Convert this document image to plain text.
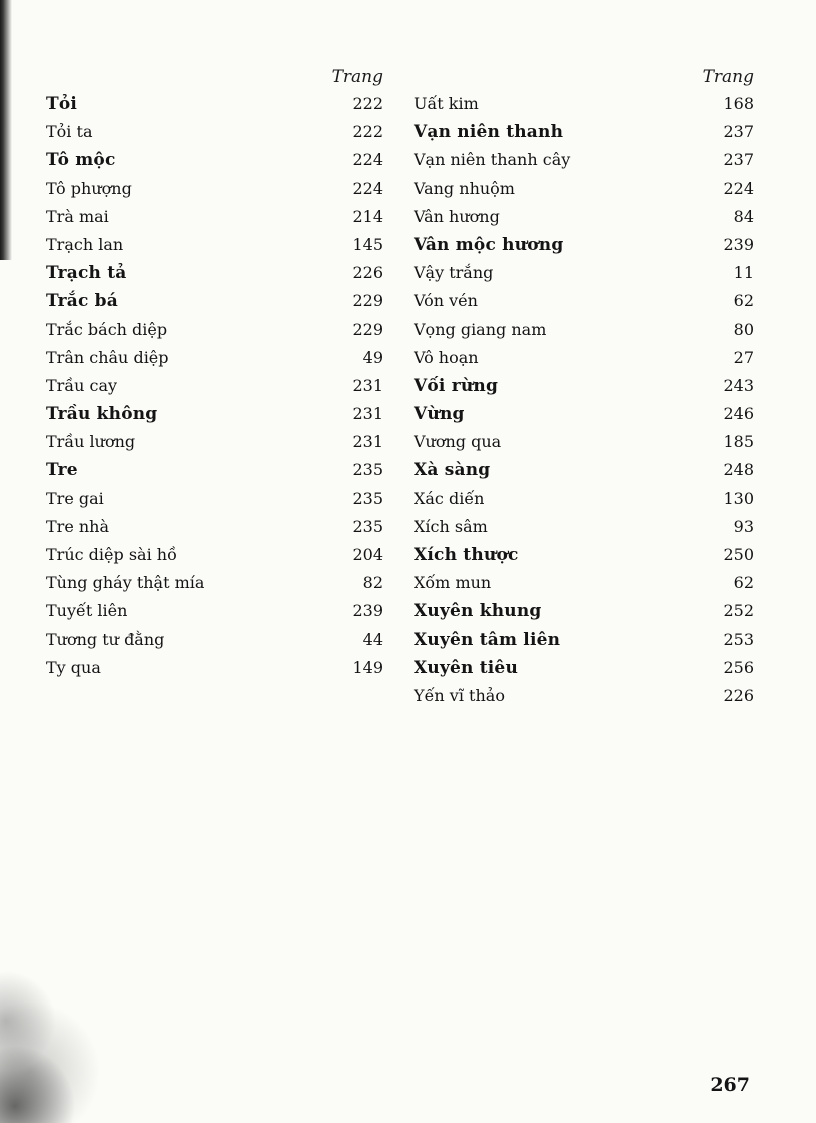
Trang
Tỏi	222
Tỏi ta	222
Tô mộc	224
Tô phượng	224
Trà mai	214
Trạch lan	145
Trạch tả	226
Trắc bá	229
Trắc bách diệp	229
Trân châu diệp	49
Trầu cay	231
Trầu không	231
Trầu lương	231
Tre	235
Tre gai	235
Tre nhà	235
Trúc diệp sài hồ	204
Tùng gháy thật mía	82
Tuyết liên	239
Tương tư đằng	44
Ty qua	149
Trang
Uất kim	168
Vạn niên thanh	237
Vạn niên thanh cây	237
Vang nhuộm	224
Vân hương	84
Vân mộc hương	239
Vậy trắng	11
Vón vén	62
Vọng giang nam	80
Vô hoạn	27
Vối rừng	243
Vừng	246
Vương qua	185
Xà sàng	248
Xác diến	130
Xích sâm	93
Xích thược	250
Xốm mun	62
Xuyên khung	252
Xuyên tâm liên	253
Xuyên tiêu	256
Yến vĩ thảo	226
267
